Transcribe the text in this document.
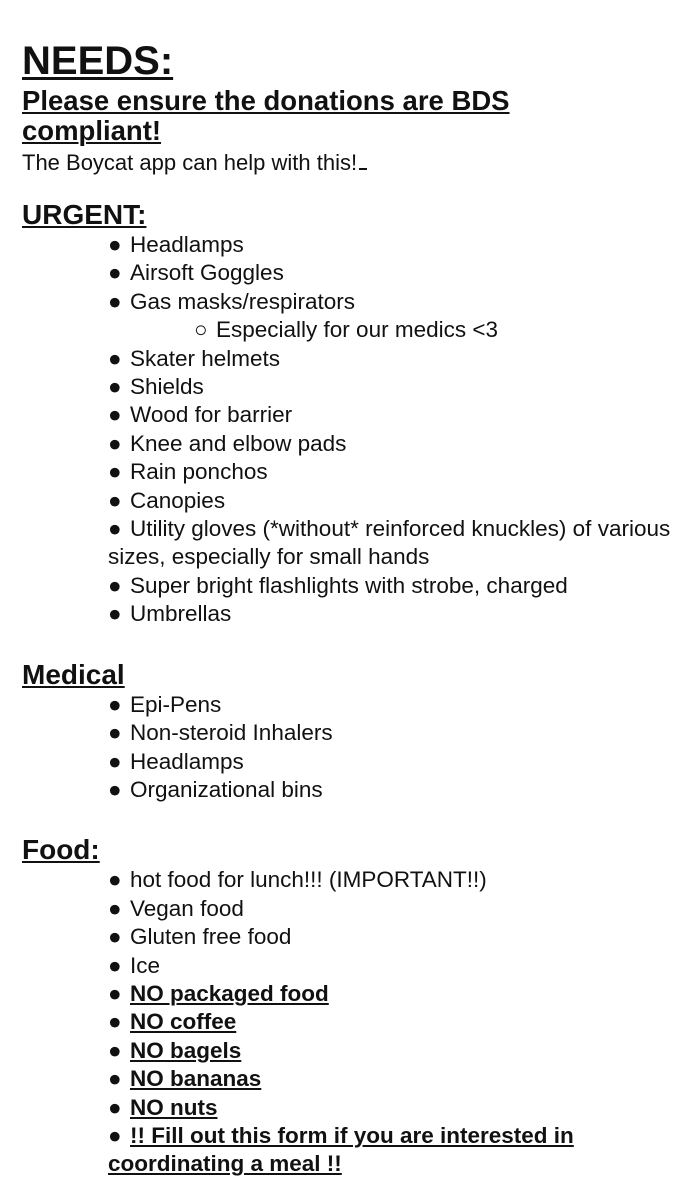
NEEDS:
Please ensure the donations are BDS compliant!
The Boycat app can help with this!
URGENT:
● Headlamps
● Airsoft Goggles
● Gas masks/respirators
○ Especially for our medics <3
● Skater helmets
● Shields
● Wood for barrier
● Knee and elbow pads
● Rain ponchos
● Canopies
● Utility gloves (*without* reinforced knuckles) of various sizes, especially for small hands
● Super bright flashlights with strobe, charged
● Umbrellas
Medical
● Epi-Pens
● Non-steroid Inhalers
● Headlamps
● Organizational bins
Food:
● hot food for lunch!!! (IMPORTANT!!)
● Vegan food
● Gluten free food
● Ice
● NO packaged food
● NO coffee
● NO bagels
● NO bananas
● NO nuts
● !! Fill out this form if you are interested in coordinating a meal !!
